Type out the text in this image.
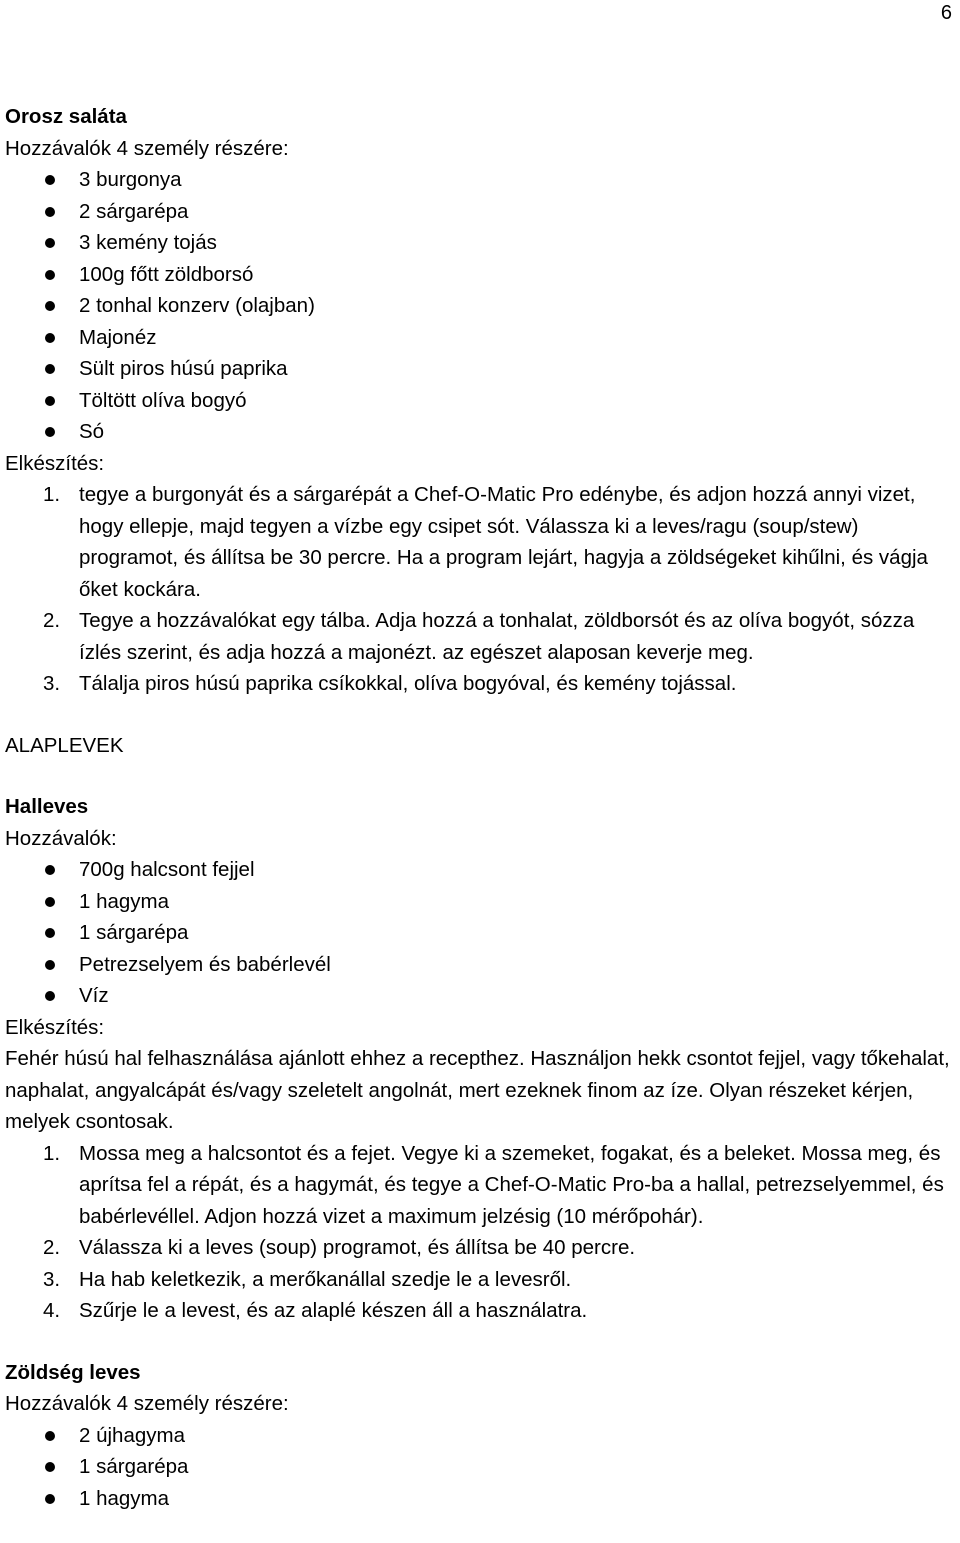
6

Orosz saláta

Hozzávalók 4 személy részére:

3 burgonya
2 sárgarépa
3 kemény tojás
100g főtt zöldborsó
2 tonhal konzerv (olajban)
Majonéz
Sült piros húsú paprika
Töltött olíva bogyó
Só

Elkészítés:

1. tegye a burgonyát és a sárgarépát a Chef-O-Matic Pro edénybe, és adjon hozzá annyi vizet, hogy ellepje, majd tegyen a vízbe egy csipet sót. Válassza ki a leves/ragu (soup/stew) programot, és állítsa be 30 percre. Ha a program lejárt, hagyja a zöldségeket kihűlni, és vágja őket kockára.
2. Tegye a hozzávalókat egy tálba. Adja hozzá a tonhalat, zöldborsót és az olíva bogyót, sózza ízlés szerint, és adja hozzá a majonézt. az egészet alaposan keverje meg.
3. Tálalja piros húsú paprika csíkokkal, olíva bogyóval, és kemény tojással.

ALAPLEVEK

Halleves

Hozzávalók:

700g halcsont fejjel
1 hagyma
1 sárgarépa
Petrezselyem és babérlevél
Víz

Elkészítés:

Fehér húsú hal felhasználása ajánlott ehhez a recepthez. Használjon hekk csontot fejjel, vagy tőkehalat, naphalat, angyalcápát és/vagy szeletelt angolnát, mert ezeknek finom az íze. Olyan részeket kérjen, melyek csontosak.

1. Mossa meg a halcsontot és a fejet. Vegye ki a szemeket, fogakat, és a beleket. Mossa meg, és aprítsa fel a répát, és a hagymát, és tegye a Chef-O-Matic Pro-ba a hallal, petrezselyemmel, és babérlevéllel. Adjon hozzá vizet a maximum jelzésig (10 mérőpohár).
2. Válassza ki a leves (soup) programot, és állítsa be 40 percre.
3. Ha hab keletkezik, a merőkanállal szedje le a levesről.
4. Szűrje le a levest, és az alaplé készen áll a használatra.

Zöldség leves

Hozzávalók 4 személy részére:

2 újhagyma
1 sárgarépa
1 hagyma
